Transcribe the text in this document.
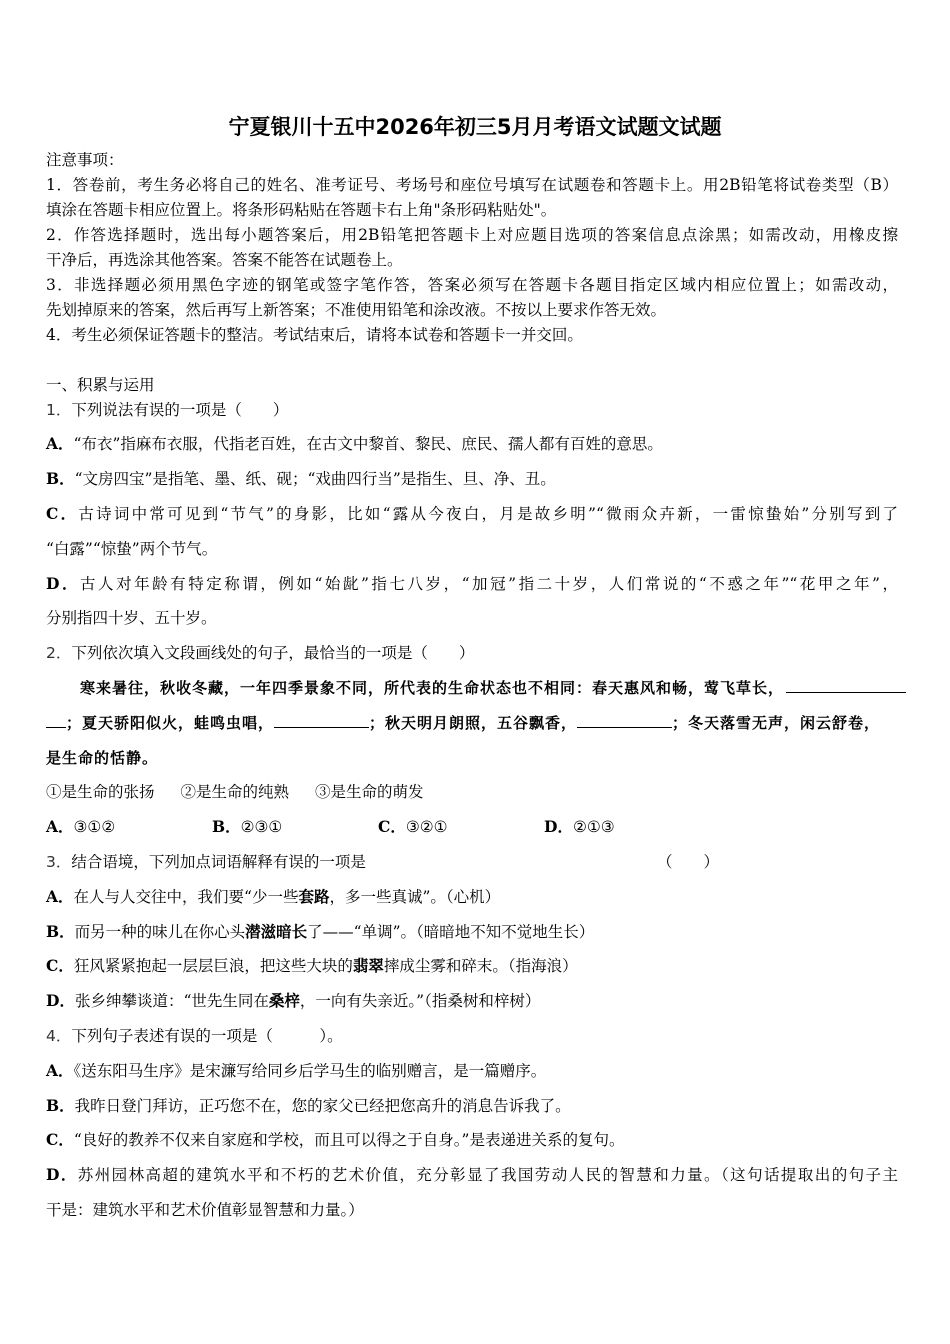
宁夏银川十五中2026年初三5月月考语文试题文试题
注意事项：
1．答卷前，考生务必将自己的姓名、准考证号、考场号和座位号填写在试题卷和答题卡上。用2B铅笔将试卷类型（B）
填涂在答题卡相应位置上。将条形码粘贴在答题卡右上角"条形码粘贴处"。
2．作答选择题时，选出每小题答案后，用2B铅笔把答题卡上对应题目选项的答案信息点涂黑；如需改动，用橡皮擦
干净后，再选涂其他答案。答案不能答在试题卷上。
3．非选择题必须用黑色字迹的钢笔或签字笔作答，答案必须写在答题卡各题目指定区域内相应位置上；如需改动，
先划掉原来的答案，然后再写上新答案；不准使用铅笔和涂改液。不按以上要求作答无效。
4．考生必须保证答题卡的整洁。考试结束后，请将本试卷和答题卡一并交回。
一、积累与运用
1．下列说法有误的一项是（　　）
A．“布衣”指麻布衣服，代指老百姓，在古文中黎首、黎民、庶民、孺人都有百姓的意思。
B．“文房四宝”是指笔、墨、纸、砚；“戏曲四行当”是指生、旦、净、丑。
C．古诗词中常可见到“节气”的身影，比如“露从今夜白，月是故乡明”“微雨众卉新，一雷惊蛰始”分别写到了
“白露”“惊蛰”两个节气。
D．古人对年龄有特定称谓，例如“始龀”指七八岁，“加冠”指二十岁，人们常说的“不惑之年”“花甲之年”，
分别指四十岁、五十岁。
2．下列依次填入文段画线处的句子，最恰当的一项是（　　）
寒来暑往，秋收冬藏，一年四季景象不同，所代表的生命状态也不相同：春天惠风和畅，莺飞草长，
；夏天骄阳似火，蛙鸣虫唱，	；秋天明月朗照，五谷飘香，	；冬天落雪无声，闲云舒卷，
是生命的恬静。
①是生命的张扬 ②是生命的纯熟 ③是生命的萌发
A．③①②	B．②③①	C．③②①	D．②①③
3．结合语境，下列加点词语解释有误的一项是	（　　）
A．在人与人交往中，我们要“少一些套路，多一些真诚”。（心机）
B．而另一种的味儿在你心头潜滋暗长了——“单调”。（暗暗地不知不觉地生长）
C．狂风紧紧抱起一层层巨浪，把这些大块的翡翠摔成尘雾和碎末。（指海浪）
D．张乡绅攀谈道：“世先生同在桑梓，一向有失亲近。”（指桑树和梓树）
4．下列句子表述有误的一项是（　　　）。
A．《送东阳马生序》是宋濂写给同乡后学马生的临别赠言，是一篇赠序。
B．我昨日登门拜访，正巧您不在，您的家父已经把您高升的消息告诉我了。
C．“良好的教养不仅来自家庭和学校，而且可以得之于自身。”是表递进关系的复句。
D．苏州园林高超的建筑水平和不朽的艺术价值，充分彰显了我国劳动人民的智慧和力量。（这句话提取出的句子主
干是：建筑水平和艺术价值彰显智慧和力量。）
